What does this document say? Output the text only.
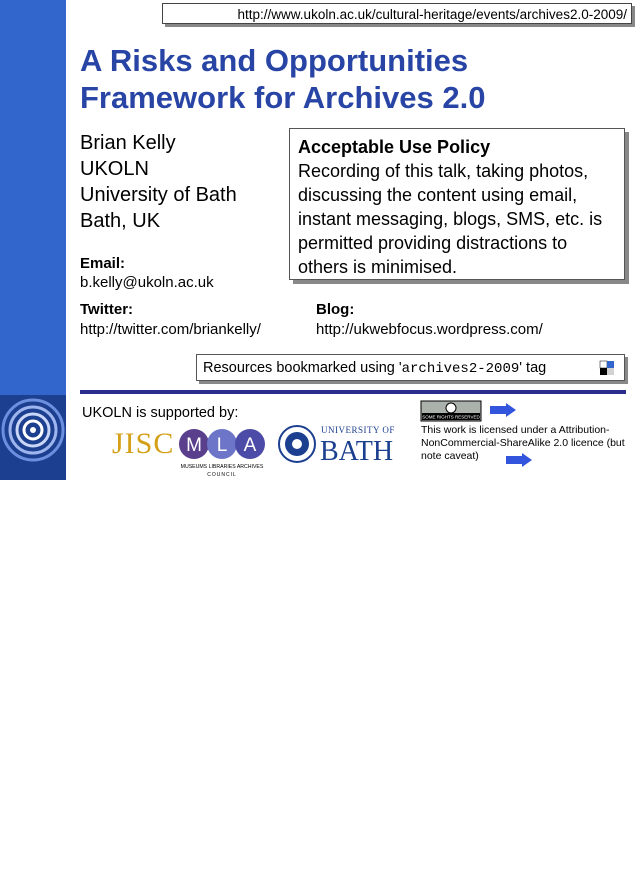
UKOLN
http://www.ukoln.ac.uk/cultural-heritage/events/archives2.0-2009/
A Risks and Opportunities
Framework for Archives 2.0
Brian Kelly
UKOLN
University of Bath
Bath, UK
Acceptable Use Policy
Recording of this talk, taking photos, discussing the content using email, instant messaging, blogs, SMS, etc. is permitted providing distractions to others is minimised.
Email:
b.kelly@ukoln.ac.uk
Twitter:
http://twitter.com/briankelly/
Blog:
http://ukwebfocus.wordpress.com/
Resources bookmarked using 'archives2-2009' tag
UKOLN is supported by:
JISC M L A
MUSEUMS LIBRARIES ARCHIVES
COUNCIL
UNIVERSITY OF
BATH
SOME RIGHTS RESERVED
This work is licensed under a Attribution-NonCommercial-ShareAlike 2.0 licence (but note caveat)
